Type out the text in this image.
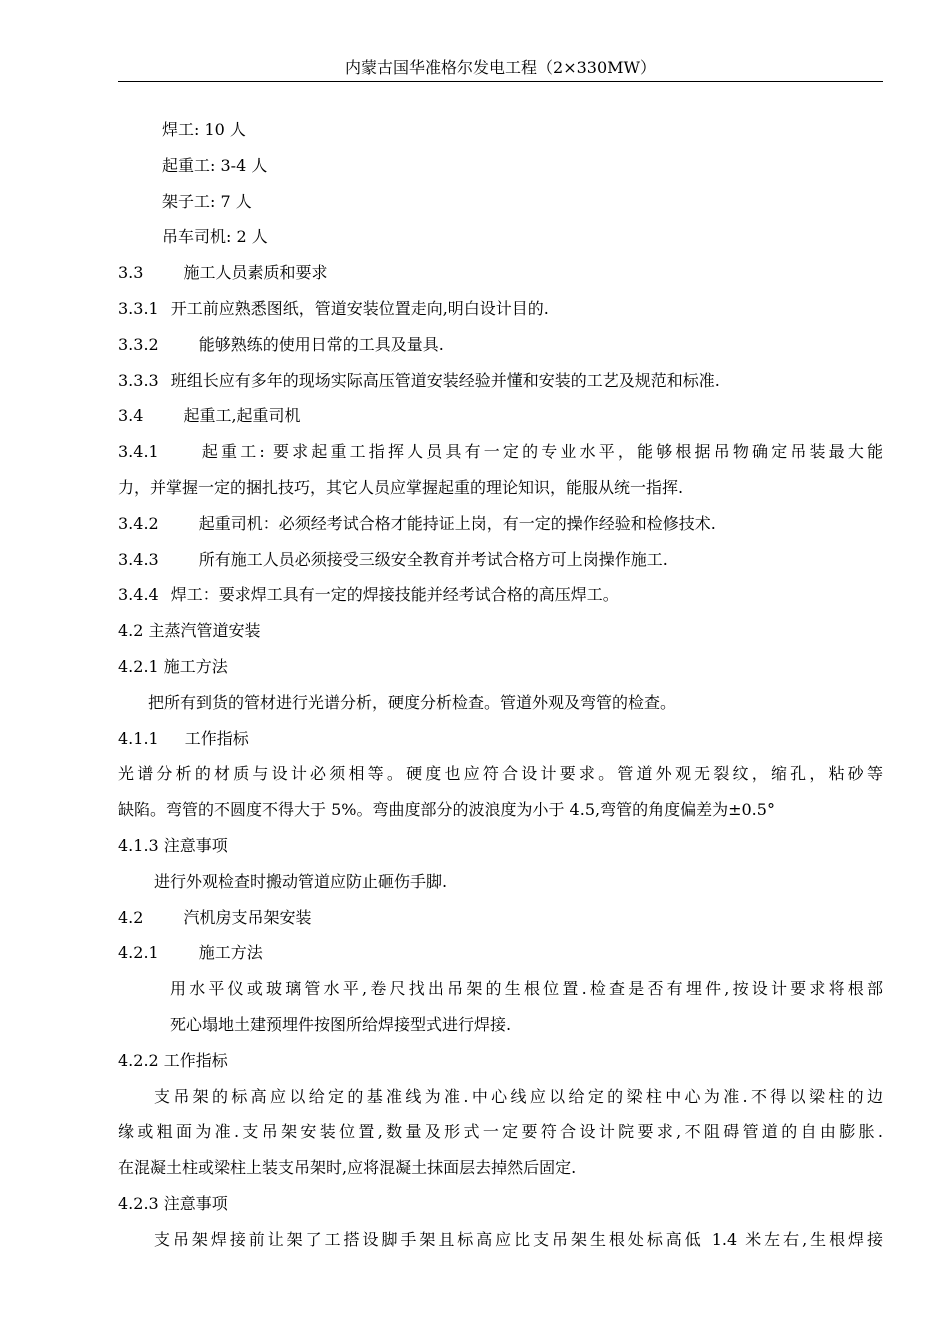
内蒙古国华准格尔发电工程（2×330MW）
焊工: 10 人
起重工: 3-4 人
架子工: 7 人
吊车司机: 2 人
3.3	施工人员素质和要求
3.3.1 开工前应熟悉图纸，管道安装位置走向,明白设计目的.
3.3.2	能够熟练的使用日常的工具及量具.
3.3.3 班组长应有多年的现场实际高压管道安装经验并懂和安装的工艺及规范和标准.
3.4	起重工,起重司机
3.4.1	起重工: 要求起重工指挥人员具有一定的专业水平，能够根据吊物确定吊装最大能
力，并掌握一定的捆扎技巧，其它人员应掌握起重的理论知识，能服从统一指挥.
3.4.2	起重司机：必须经考试合格才能持证上岗，有一定的操作经验和检修技术.
3.4.3	所有施工人员必须接受三级安全教育并考试合格方可上岗操作施工.
3.4.4 焊工：要求焊工具有一定的焊接技能并经考试合格的高压焊工。
4.2 主蒸汽管道安装
4.2.1 施工方法
把所有到货的管材进行光谱分析，硬度分析检查。管道外观及弯管的检查。
4.1.1 工作指标
光谱分析的材质与设计必须相等。硬度也应符合设计要求。管道外观无裂纹，缩孔，粘砂等
缺陷。弯管的不圆度不得大于 5%。弯曲度部分的波浪度为小于 4.5,弯管的角度偏差为±0.5°
4.1.3 注意事项
进行外观检查时搬动管道应防止砸伤手脚.
4.2	汽机房支吊架安装
4.2.1	施工方法
用水平仪或玻璃管水平,卷尺找出吊架的生根位置.检查是否有埋件,按设计要求将根部
死心塌地土建预埋件按图所给焊接型式进行焊接.
4.2.2 工作指标
支吊架的标高应以给定的基准线为准.中心线应以给定的梁柱中心为准.不得以梁柱的边
缘或粗面为准.支吊架安装位置,数量及形式一定要符合设计院要求,不阻碍管道的自由膨胀.
在混凝土柱或梁柱上装支吊架时,应将混凝土抹面层去掉然后固定.
4.2.3 注意事项
支吊架焊接前让架了工搭设脚手架且标高应比支吊架生根处标高低 1.4 米左右,生根焊接
